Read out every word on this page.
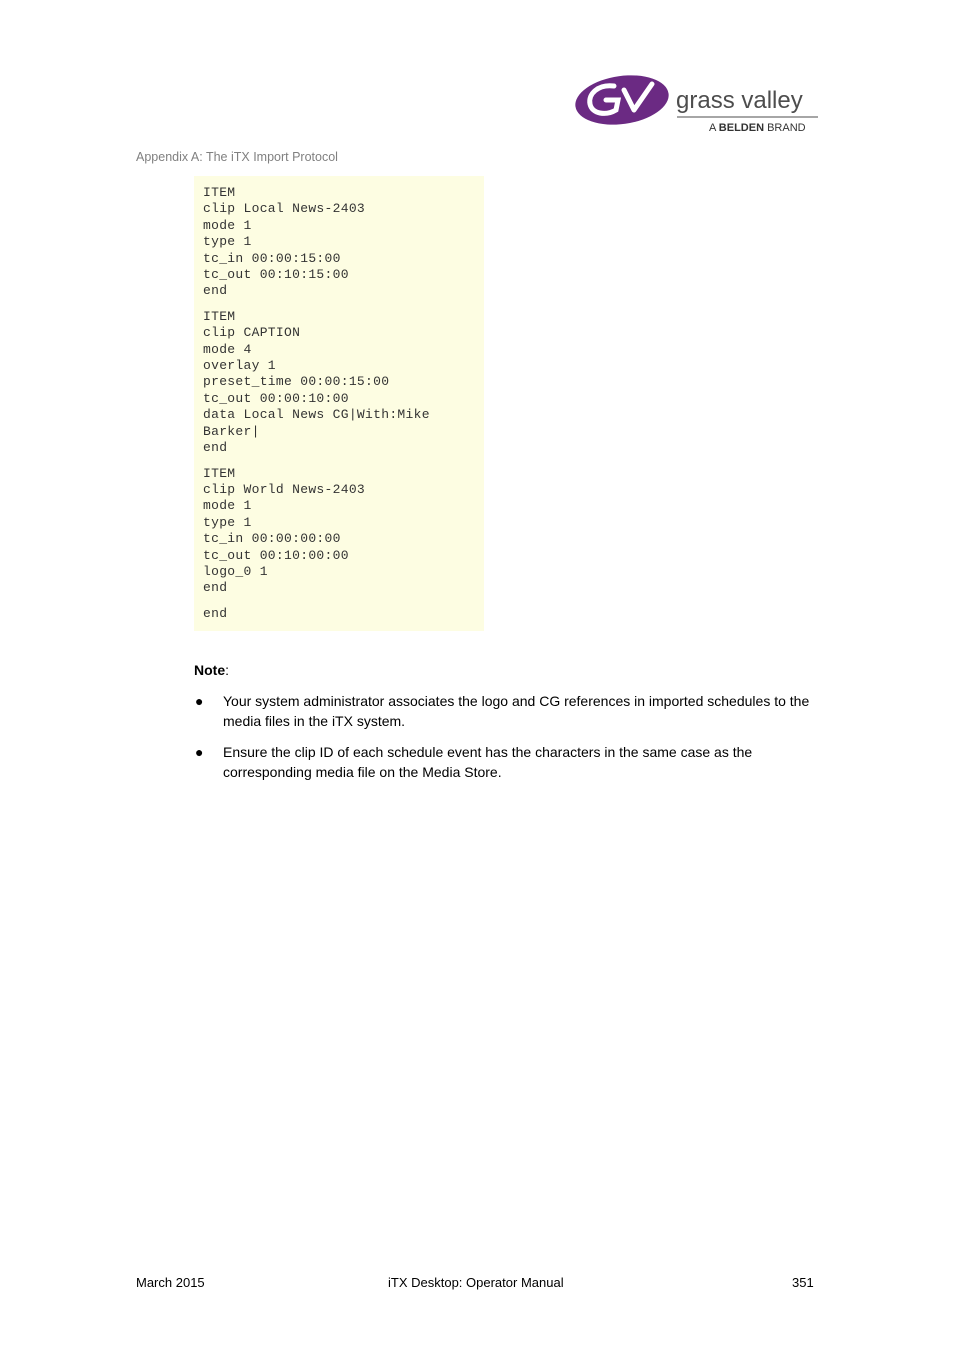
grass valley
A BELDEN BRAND
Appendix A: The iTX Import Protocol
ITEM
clip Local News-2403
mode 1
type 1
tc_in 00:00:15:00
tc_out 00:10:15:00
end
ITEM
clip CAPTION
mode 4
overlay 1
preset_time 00:00:15:00
tc_out 00:00:10:00
data Local News CG|With:Mike
Barker|
end
ITEM
clip World News-2403
mode 1
type 1
tc_in 00:00:00:00
tc_out 00:10:00:00
logo_0 1
end
end
Note:
● Your system administrator associates the logo and CG references in imported schedules to the media files in the iTX system.
● Ensure the clip ID of each schedule event has the characters in the same case as the corresponding media file on the Media Store.
March 2015	iTX Desktop: Operator Manual	351
